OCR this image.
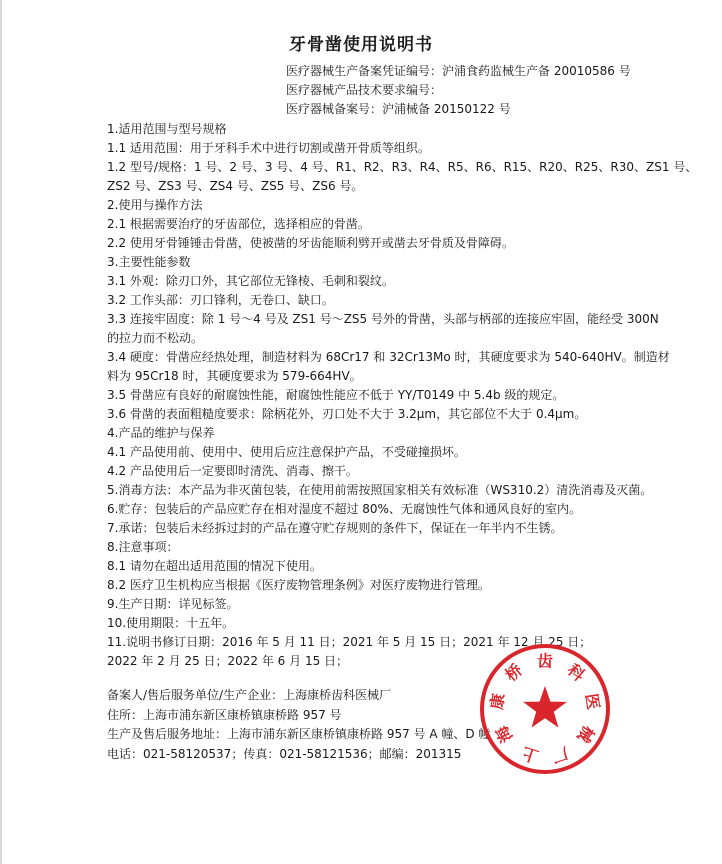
牙骨凿使用说明书
医疗器械生产备案凭证编号：沪浦食药监械生产备 20010586 号
医疗器械产品技术要求编号：
医疗器械备案号：沪浦械备 20150122 号
1.适用范围与型号规格
1.1 适用范围：用于牙科手术中进行切割或凿开骨质等组织。
1.2 型号/规格：1 号、2 号、3 号、4 号、R1、R2、R3、R4、R5、R6、R15、R20、R25、R30、ZS1 号、
ZS2 号、ZS3 号、ZS4 号、ZS5 号、ZS6 号。
2.使用与操作方法
2.1 根据需要治疗的牙齿部位，选择相应的骨凿。
2.2 使用牙骨锤锤击骨凿，使被凿的牙齿能顺利劈开或凿去牙骨质及骨障碍。
3.主要性能参数
3.1 外观：除刃口外，其它部位无锋棱、毛刺和裂纹。
3.2 工作头部：刃口锋利，无卷口、缺口。
3.3 连接牢固度：除 1 号～4 号及 ZS1 号～ZS5 号外的骨凿，头部与柄部的连接应牢固，能经受 300N
的拉力而不松动。
3.4 硬度：骨凿应经热处理，制造材料为 68Cr17 和 32Cr13Mo 时，其硬度要求为 540-640HV。制造材
料为 95Cr18 时，其硬度要求为 579-664HV。
3.5 骨凿应有良好的耐腐蚀性能，耐腐蚀性能应不低于 YY/T0149 中 5.4b 级的规定。
3.6 骨凿的表面粗糙度要求：除柄花外，刃口处不大于 3.2μm，其它部位不大于 0.4μm。
4.产品的维护与保养
4.1 产品使用前、使用中、使用后应注意保护产品，不受碰撞损坏。
4.2 产品使用后一定要即时清洗、消毒、擦干。
5.消毒方法：本产品为非灭菌包装，在使用前需按照国家相关有效标准（WS310.2）清洗消毒及灭菌。
6.贮存：包装后的产品应贮存在相对湿度不超过 80%、无腐蚀性气体和通风良好的室内。
7.承诺：包装后未经拆过封的产品在遵守贮存规则的条件下，保证在一年半内不生锈。
8.注意事项：
8.1 请勿在超出适用范围的情况下使用。
8.2 医疗卫生机构应当根据《医疗废物管理条例》对医疗废物进行管理。
9.生产日期：详见标签。
10.使用期限：十五年。
11.说明书修订日期：2016 年 5 月 11 日；2021 年 5 月 15 日；2021 年 12 月 25 日；
2022 年 2 月 25 日；2022 年 6 月 15 日；
备案人/售后服务单位/生产企业：上海康桥齿科医械厂
住所：上海市浦东新区康桥镇康桥路 957 号
生产及售后服务地址：上海市浦东新区康桥镇康桥路 957 号 A 幢、D 幢
电话：021-58120537；传真：021-58121536；邮编：201315	上
海
康
桥 齿 科
医
械
厂
